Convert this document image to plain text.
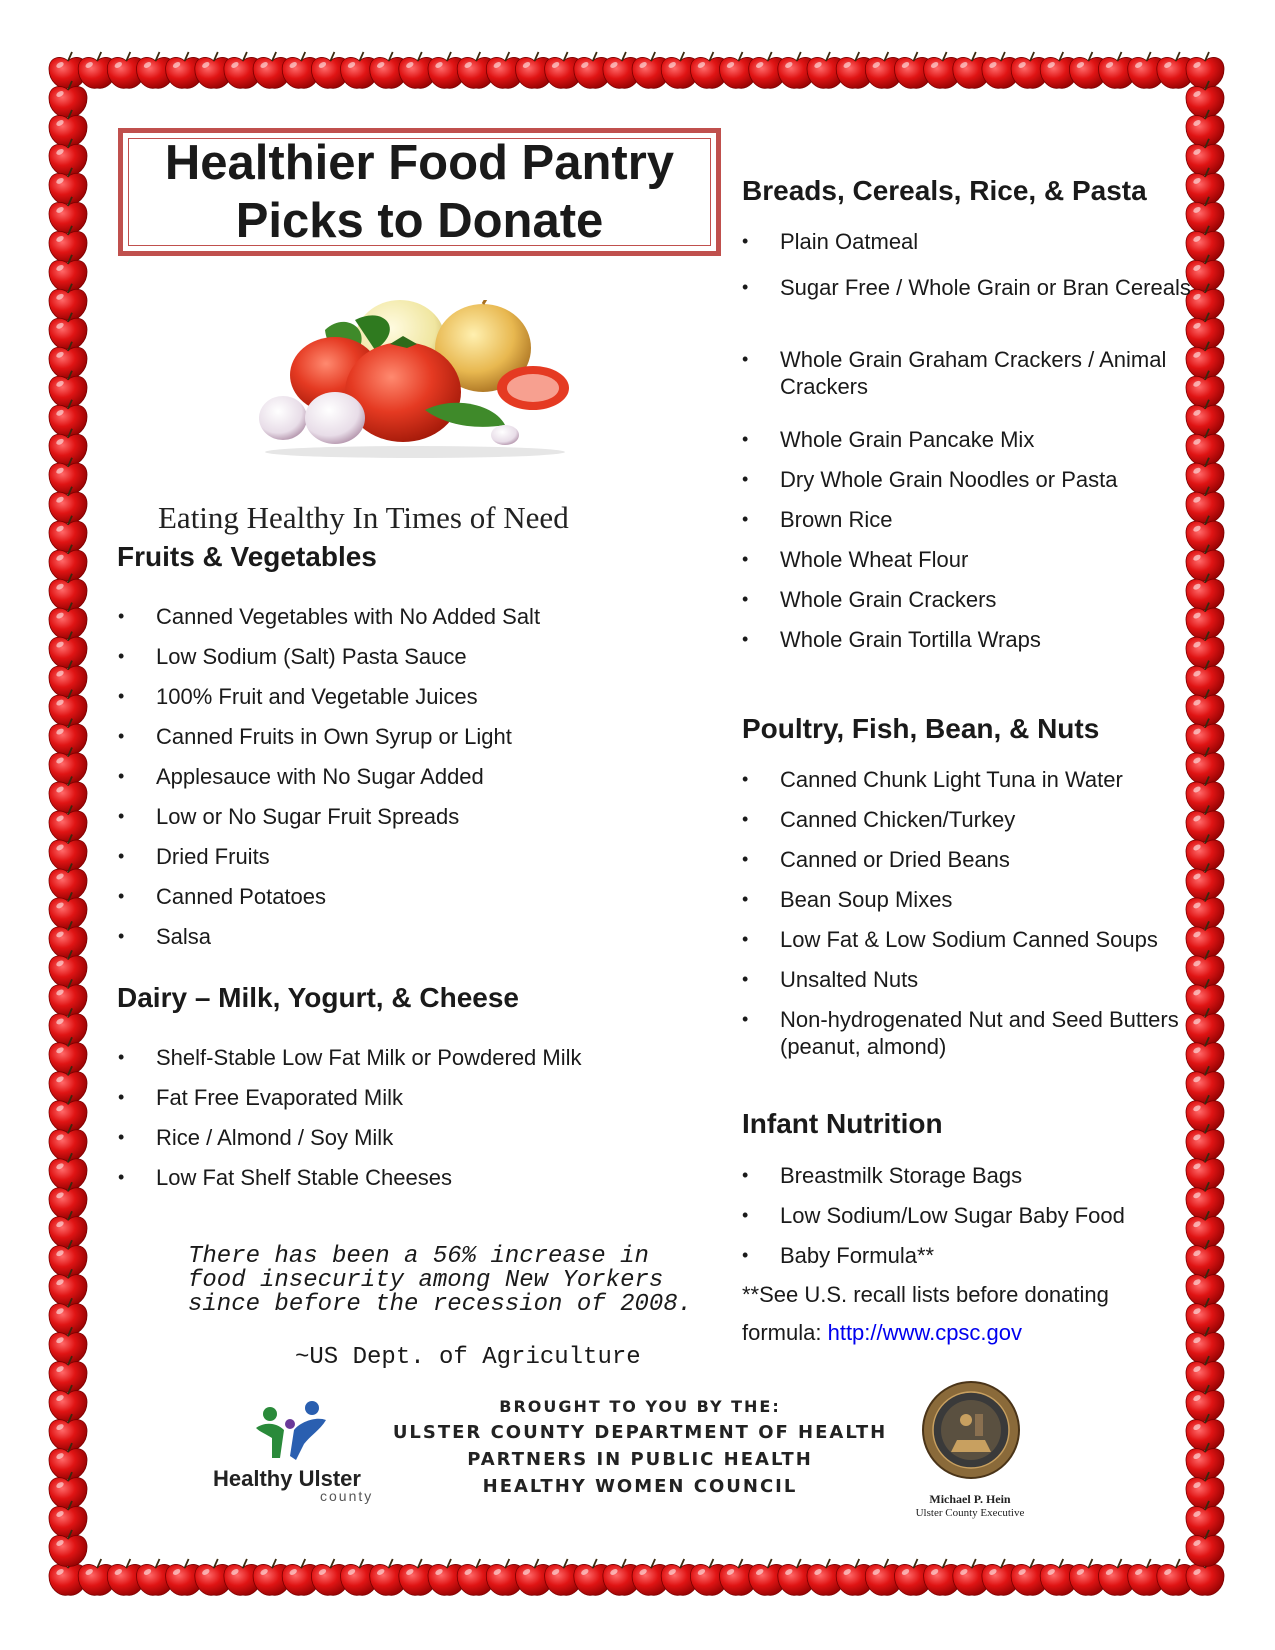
Healthier Food Pantry
Picks to Donate
Eating Healthy In Times of Need
Fruits & Vegetables
•	Canned Vegetables with No Added Salt
•	Low Sodium (Salt) Pasta Sauce
•	100% Fruit and Vegetable Juices
•	Canned Fruits in Own Syrup or Light
•	Applesauce with No Sugar Added
•	Low or No Sugar Fruit Spreads
•	Dried Fruits
•	Canned Potatoes
•	Salsa
Dairy – Milk, Yogurt, & Cheese
•	Shelf-Stable Low Fat Milk or Powdered Milk
•	Fat Free Evaporated Milk
•	Rice / Almond / Soy Milk
•	Low Fat Shelf Stable Cheeses
There has been a 56% increase in food insecurity among New Yorkers since before the recession of 2008.
~US Dept. of Agriculture
Breads, Cereals, Rice, & Pasta
•	Plain Oatmeal
•	Sugar Free / Whole Grain or Bran Cereals
•	Whole Grain Graham Crackers / Animal Crackers
•	Whole Grain Pancake Mix
•	Dry Whole Grain Noodles or Pasta
•	Brown Rice
•	Whole Wheat Flour
•	Whole Grain Crackers
•	Whole Grain Tortilla Wraps
Poultry, Fish, Bean, & Nuts
•	Canned Chunk Light Tuna in Water
•	Canned Chicken/Turkey
•	Canned or Dried Beans
•	Bean Soup Mixes
•	Low Fat & Low Sodium Canned Soups
•	Unsalted Nuts
•	Non-hydrogenated Nut and Seed Butters (peanut, almond)
Infant Nutrition
•	Breastmilk Storage Bags
•	Low Sodium/Low Sugar Baby Food
•	Baby Formula**
**See U.S. recall lists before donating
formula: http://www.cpsc.gov
Healthy Ulster
county
BROUGHT TO YOU BY THE:
ULSTER COUNTY DEPARTMENT OF HEALTH
PARTNERS IN PUBLIC HEALTH
HEALTHY WOMEN COUNCIL
Michael P. Hein
Ulster County Executive
